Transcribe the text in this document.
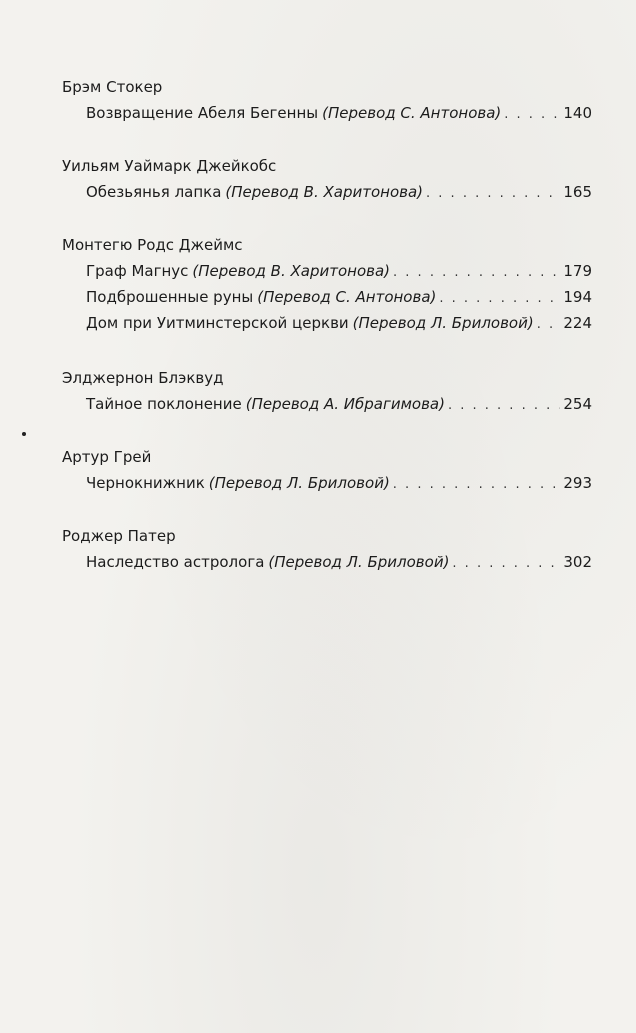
Брэм Стокер
Возвращение Абеля Бегенны (Перевод С. Антонова) . . .	140
Уильям Уаймарк Джейкобс
Обезьянья лапка (Перевод В. Харитонова) . . .	165
Монтегю Родс Джеймс
Граф Магнус (Перевод В. Харитонова) . . .	179
Подброшенные руны (Перевод С. Антонова) . . .	194
Дом при Уитминстерской церкви (Перевод Л. Бриловой) . . . 224
Элджернон Блэквуд
Тайное поклонение (Перевод А. Ибрагимова) . . .	254
Артур Грей
Чернокнижник (Перевод Л. Бриловой) . . .	293
Роджер Патер
Наследство астролога (Перевод Л. Бриловой) . . .	302
